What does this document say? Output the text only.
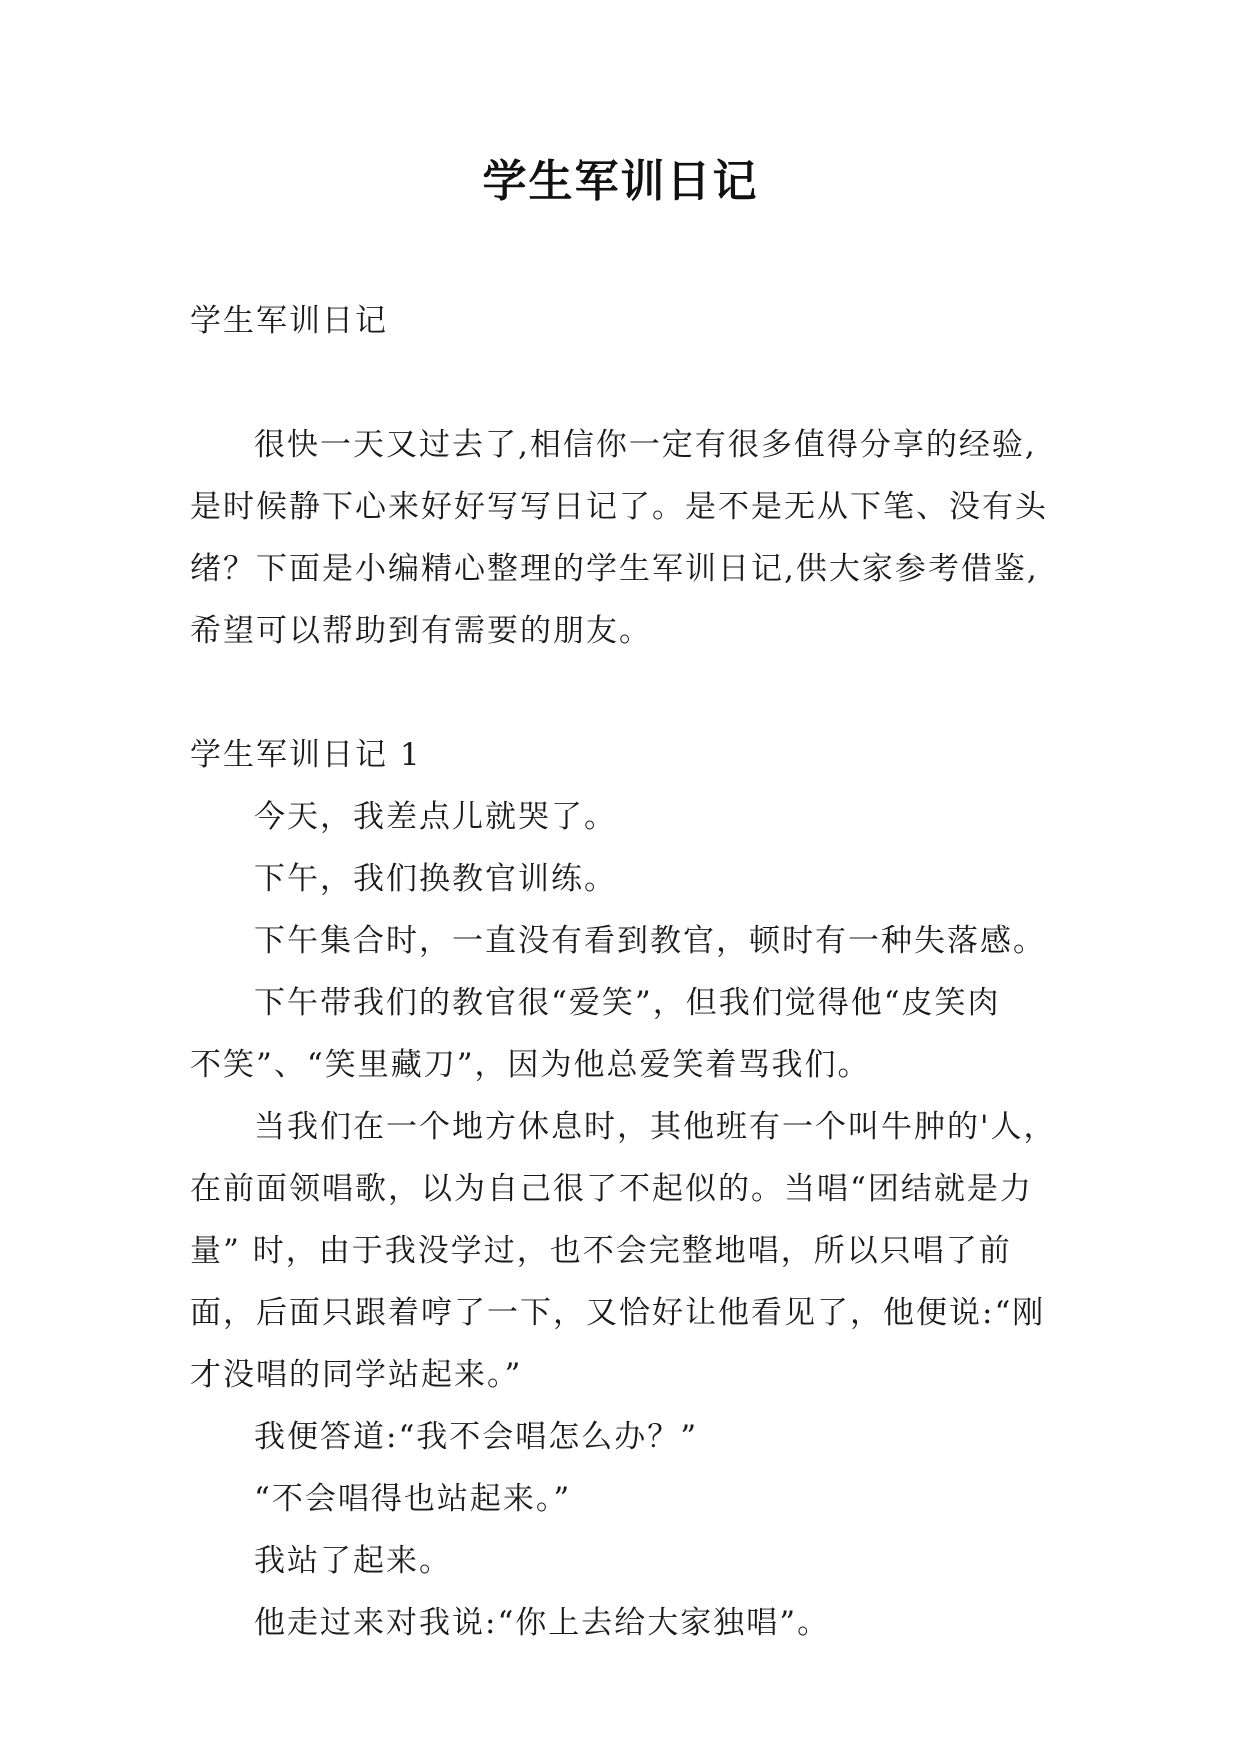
学生军训日记

学生军训日记

很快一天又过去了,相信你一定有很多值得分享的经验,

是时候静下心来好好写写日记了。是不是无从下笔、没有头

绪？下面是小编精心整理的学生军训日记,供大家参考借鉴,

希望可以帮助到有需要的朋友。

学生军训日记 1

今天，我差点儿就哭了。

下午，我们换教官训练。

下午集合时，一直没有看到教官，顿时有一种失落感。

下午带我们的教官很“爱笑”，但我们觉得他“皮笑肉

不笑”、“笑里藏刀”，因为他总爱笑着骂我们。

当我们在一个地方休息时，其他班有一个叫牛肿的'人，

在前面领唱歌，以为自己很了不起似的。当唱“团结就是力

量” 时，由于我没学过，也不会完整地唱，所以只唱了前

面，后面只跟着哼了一下，又恰好让他看见了，他便说:“刚

才没唱的同学站起来。”

我便答道:“我不会唱怎么办？”

“不会唱得也站起来。”

我站了起来。

他走过来对我说:“你上去给大家独唱”。
